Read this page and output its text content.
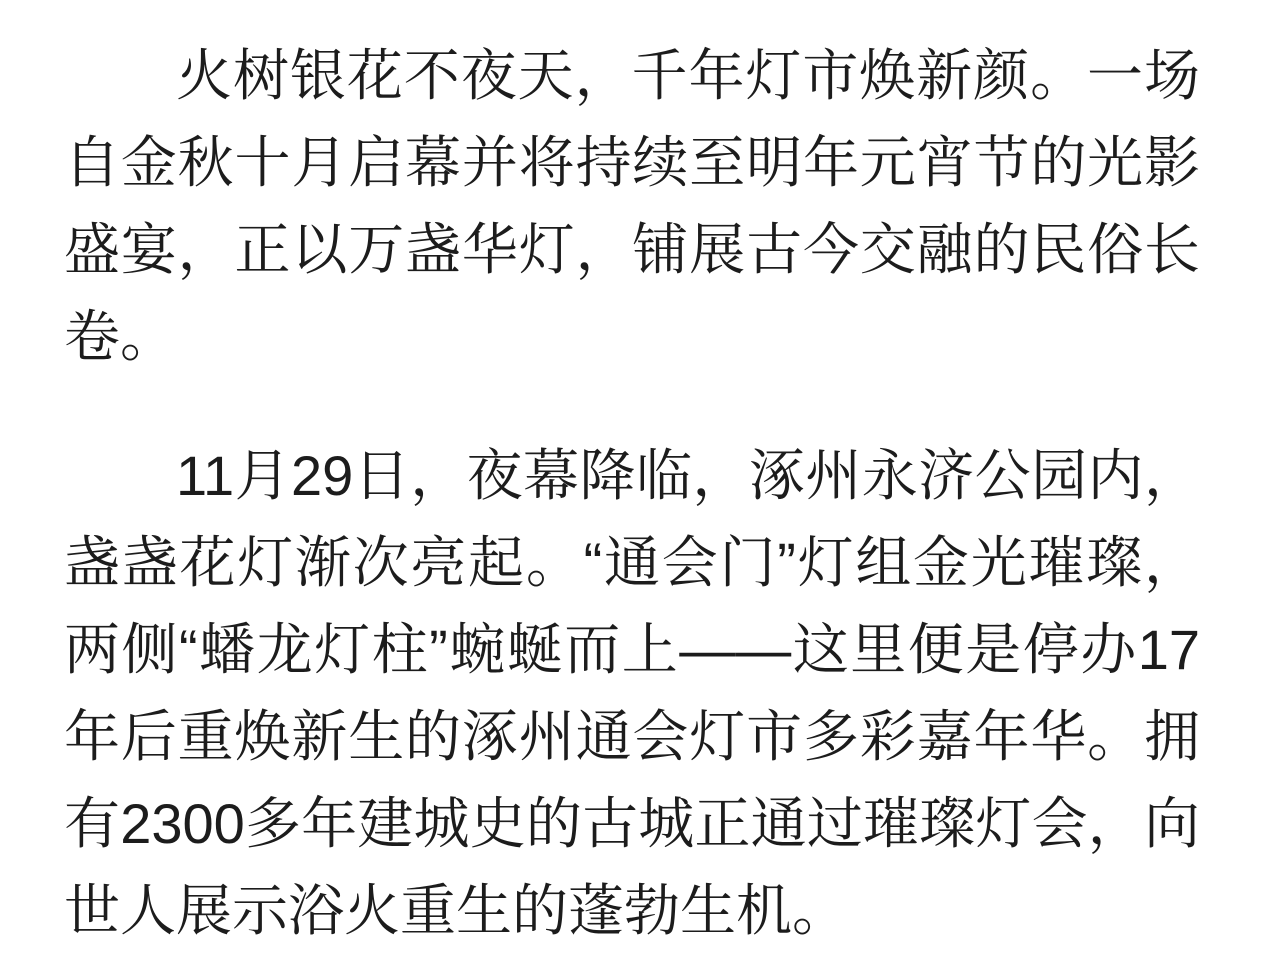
火树银花不夜天，千年灯市焕新颜。一场
自金秋十月启幕并将持续至明年元宵节的光影
盛宴，正以万盏华灯，铺展古今交融的民俗长
卷。

11月29日，夜幕降临，涿州永济公园内，
盏盏花灯渐次亮起。“通会门”灯组金光璀璨，
两侧“蟠龙灯柱”蜿蜒而上——这里便是停办17
年后重焕新生的涿州通会灯市多彩嘉年华。拥
有2300多年建城史的古城正通过璀璨灯会，向
世人展示浴火重生的蓬勃生机。
